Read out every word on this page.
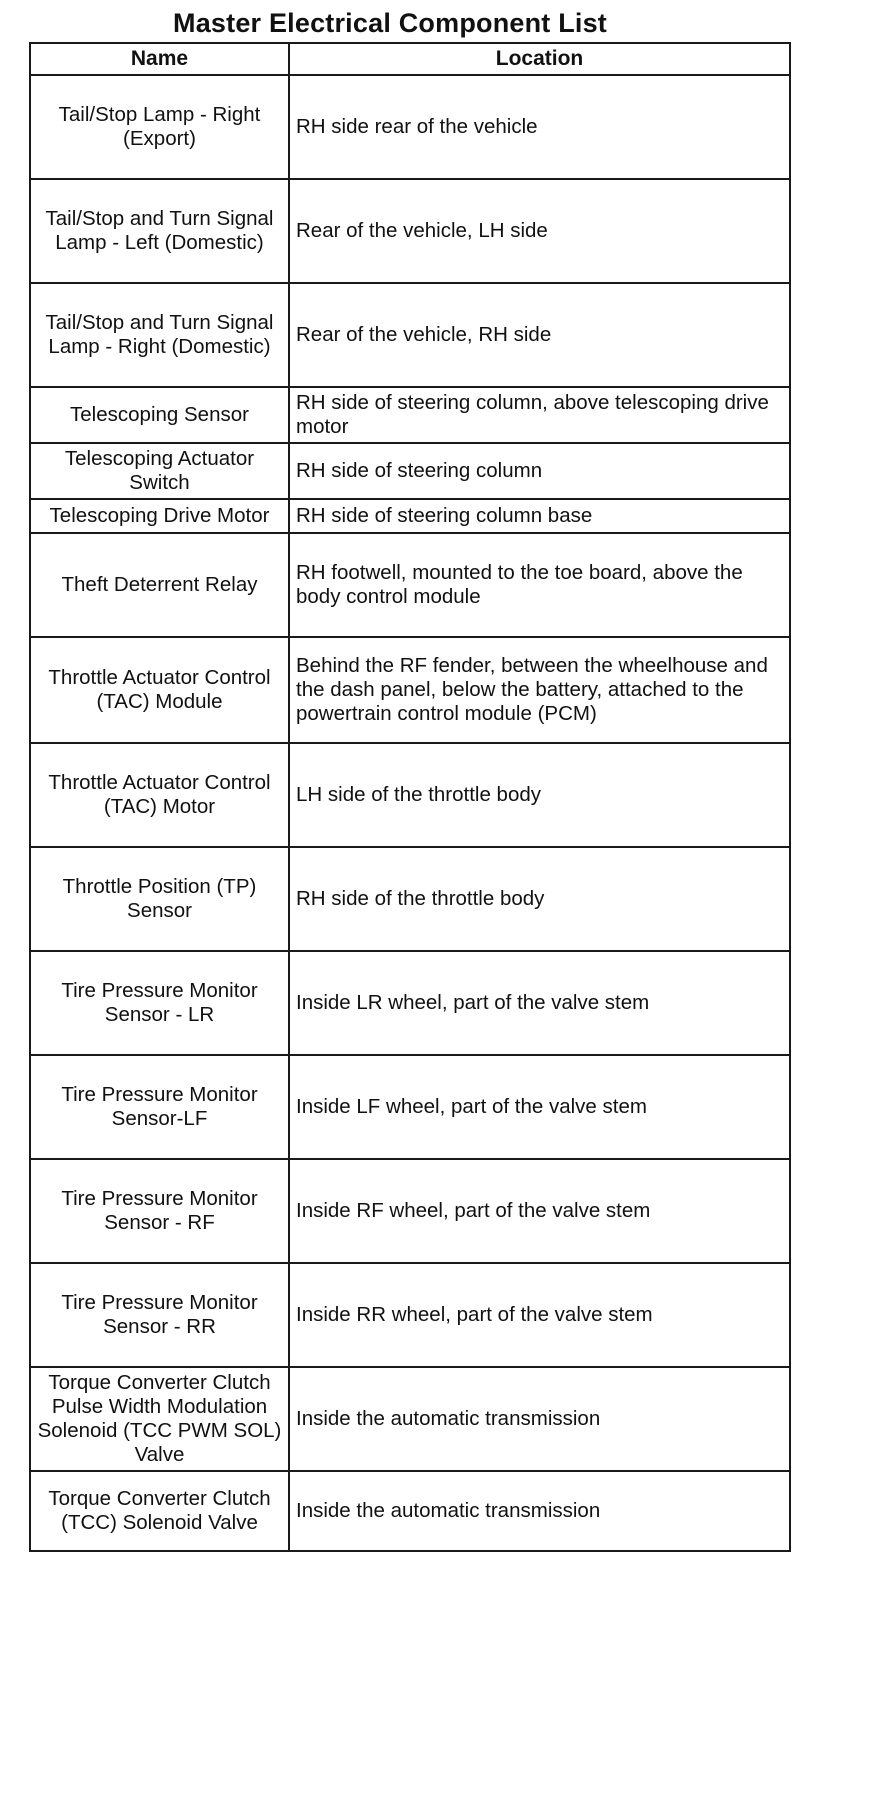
Master Electrical Component List
Name	Location
Tail/Stop Lamp - Right (Export)	RH side rear of the vehicle
Tail/Stop and Turn Signal Lamp - Left (Domestic)	Rear of the vehicle, LH side
Tail/Stop and Turn Signal Lamp - Right (Domestic)	Rear of the vehicle, RH side
Telescoping Sensor	RH side of steering column, above telescoping drive motor
Telescoping Actuator Switch	RH side of steering column
Telescoping Drive Motor	RH side of steering column base
Theft Deterrent Relay	RH footwell, mounted to the toe board, above the body control module
Throttle Actuator Control (TAC) Module	Behind the RF fender, between the wheelhouse and the dash panel, below the battery, attached to the powertrain control module (PCM)
Throttle Actuator Control (TAC) Motor	LH side of the throttle body
Throttle Position (TP) Sensor	RH side of the throttle body
Tire Pressure Monitor Sensor - LR	Inside LR wheel, part of the valve stem
Tire Pressure Monitor Sensor-LF	Inside LF wheel, part of the valve stem
Tire Pressure Monitor Sensor - RF	Inside RF wheel, part of the valve stem
Tire Pressure Monitor Sensor - RR	Inside RR wheel, part of the valve stem
Torque Converter Clutch Pulse Width Modulation Solenoid (TCC PWM SOL) Valve	Inside the automatic transmission
Torque Converter Clutch (TCC) Solenoid Valve	Inside the automatic transmission
